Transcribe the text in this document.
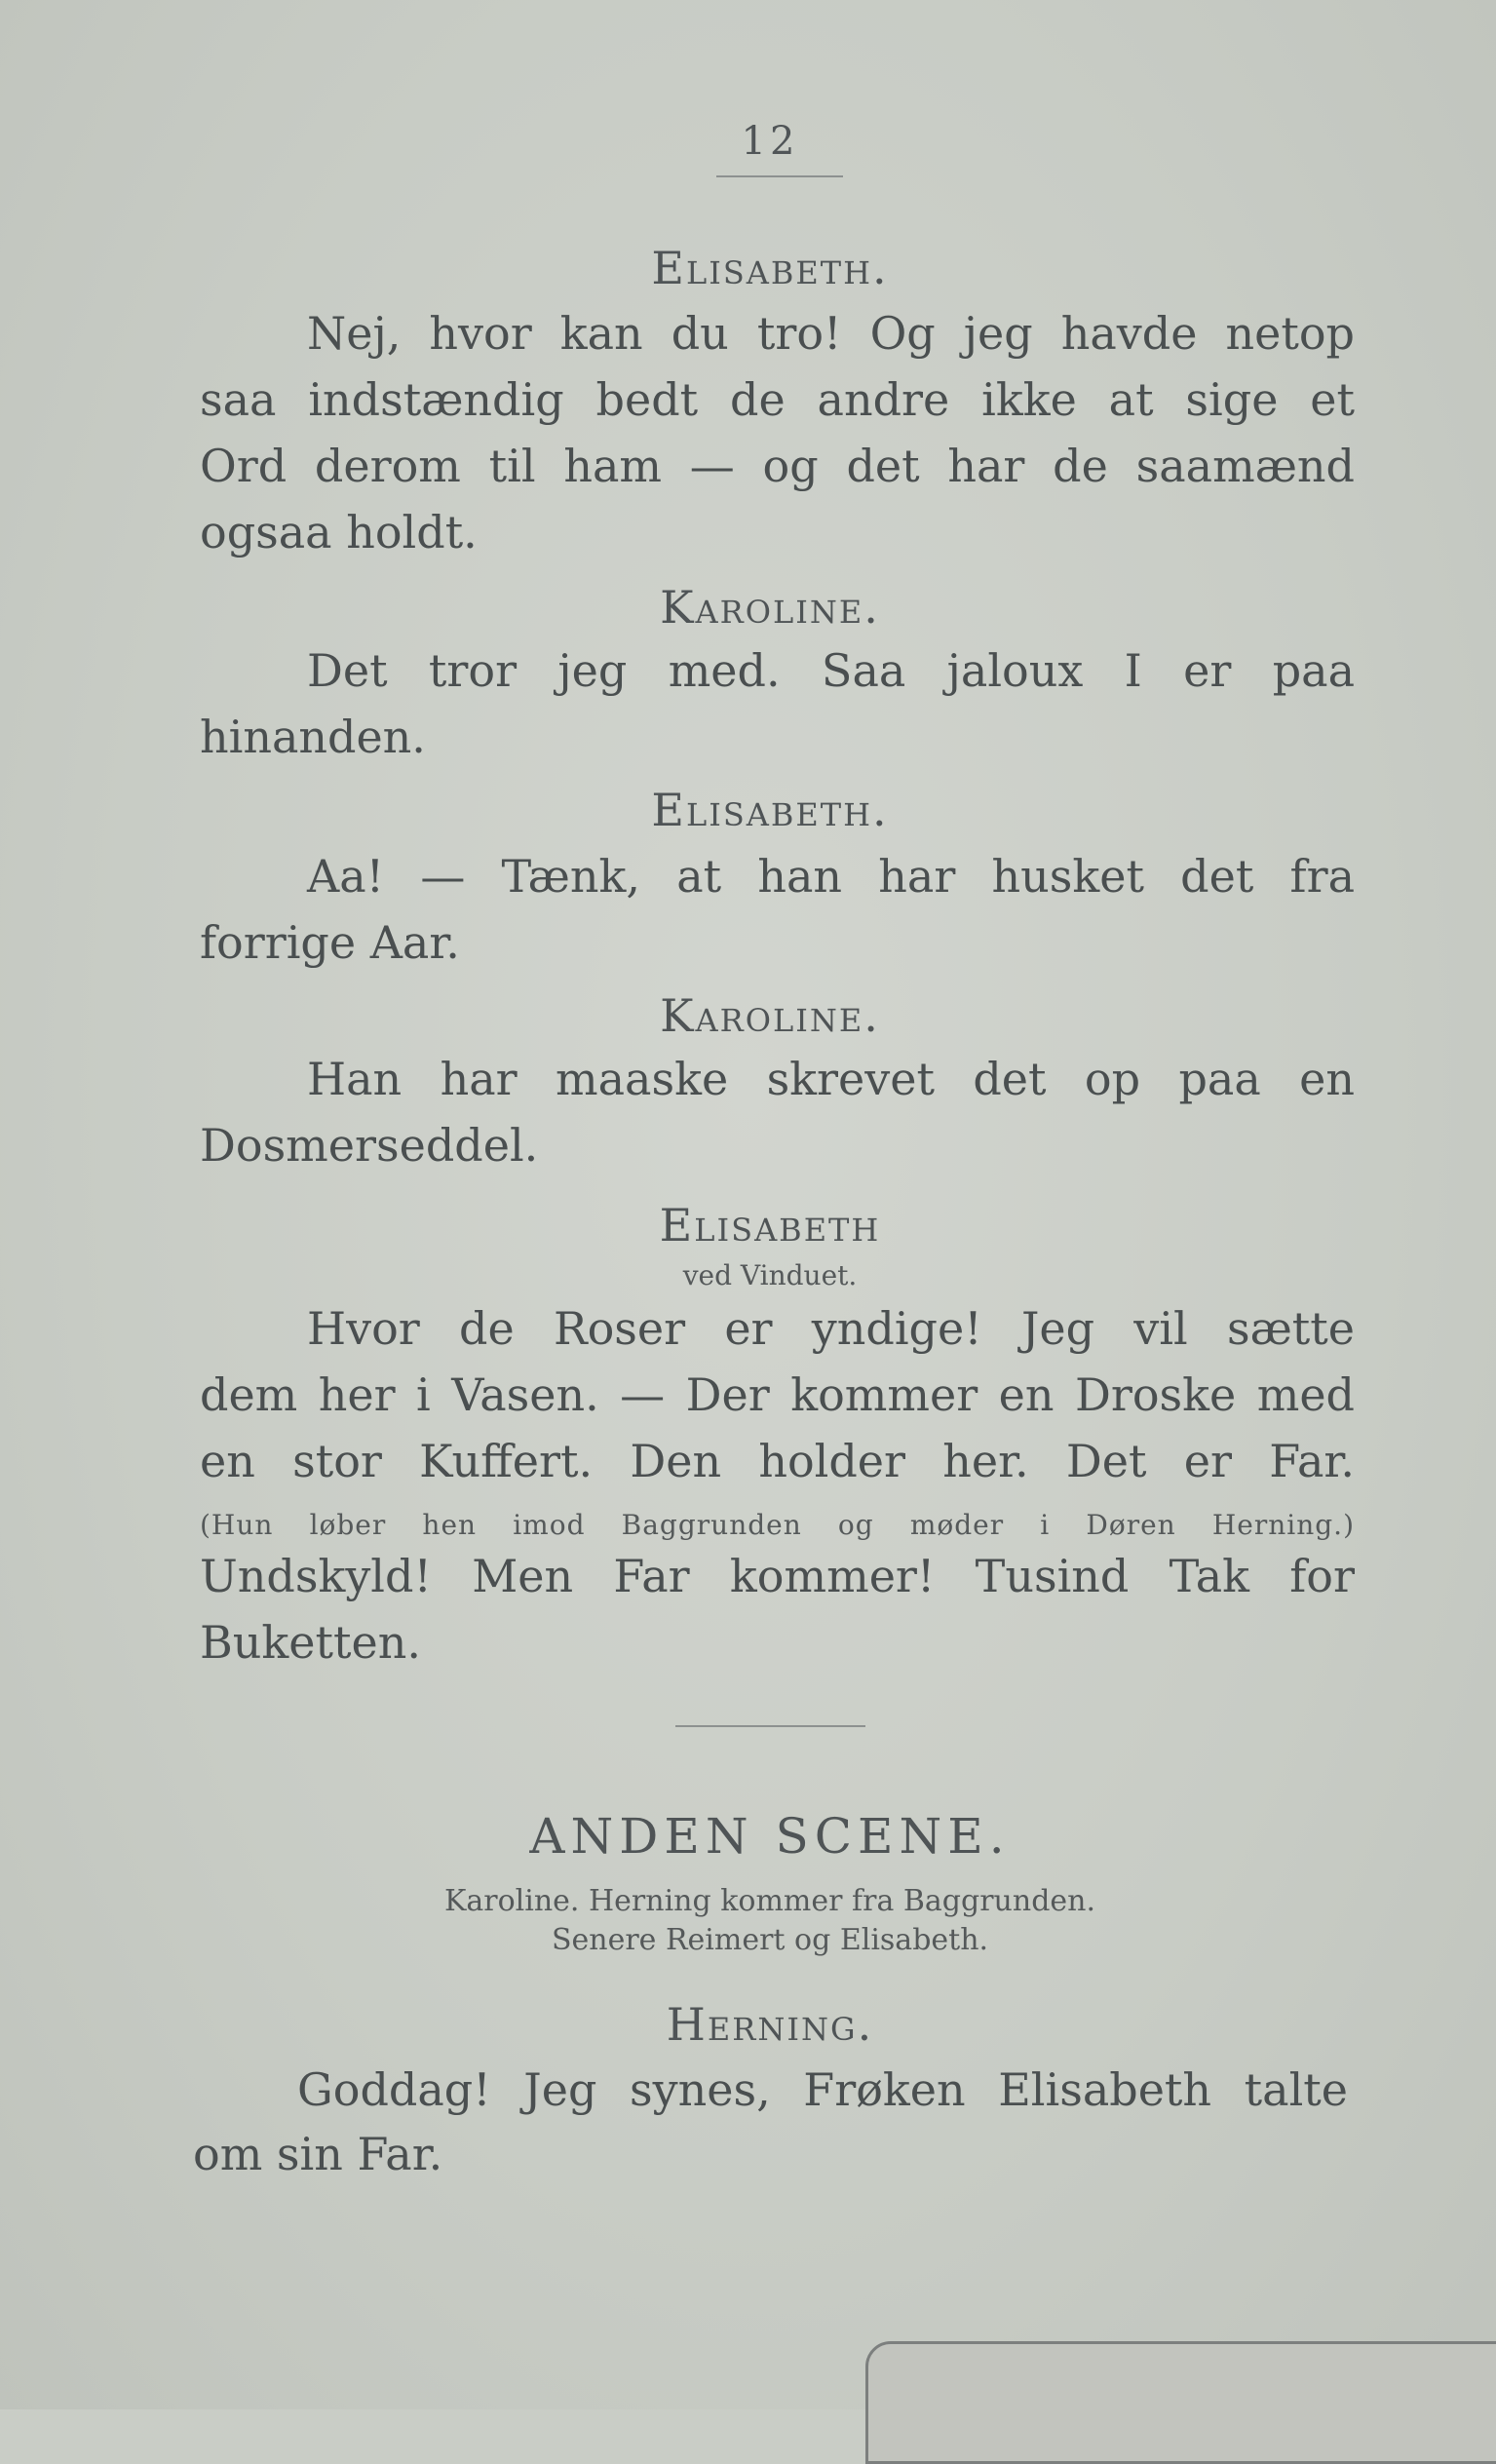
12
Elisabeth.
Nej, hvor kan du tro! Og jeg havde netop
saa indstændig bedt de andre ikke at sige et
Ord derom til ham — og det har de saamænd
ogsaa holdt.
Karoline.
Det tror jeg med. Saa jaloux I er paa
hinanden.
Elisabeth.
Aa! — Tænk, at han har husket det fra
forrige Aar.
Karoline.
Han har maaske skrevet det op paa en
Dosmerseddel.
Elisabeth
ved Vinduet.
Hvor de Roser er yndige! Jeg vil sætte
dem her i Vasen. — Der kommer en Droske med
en stor Kuffert. Den holder her. Det er Far.
(Hun løber hen imod Baggrunden og møder i Døren Herning.)
Undskyld! Men Far kommer! Tusind Tak for
Buketten.
ANDEN SCENE.
Karoline. Herning kommer fra Baggrunden.
Senere Reimert og Elisabeth.
Herning.
Goddag! Jeg synes, Frøken Elisabeth talte
om sin Far.
